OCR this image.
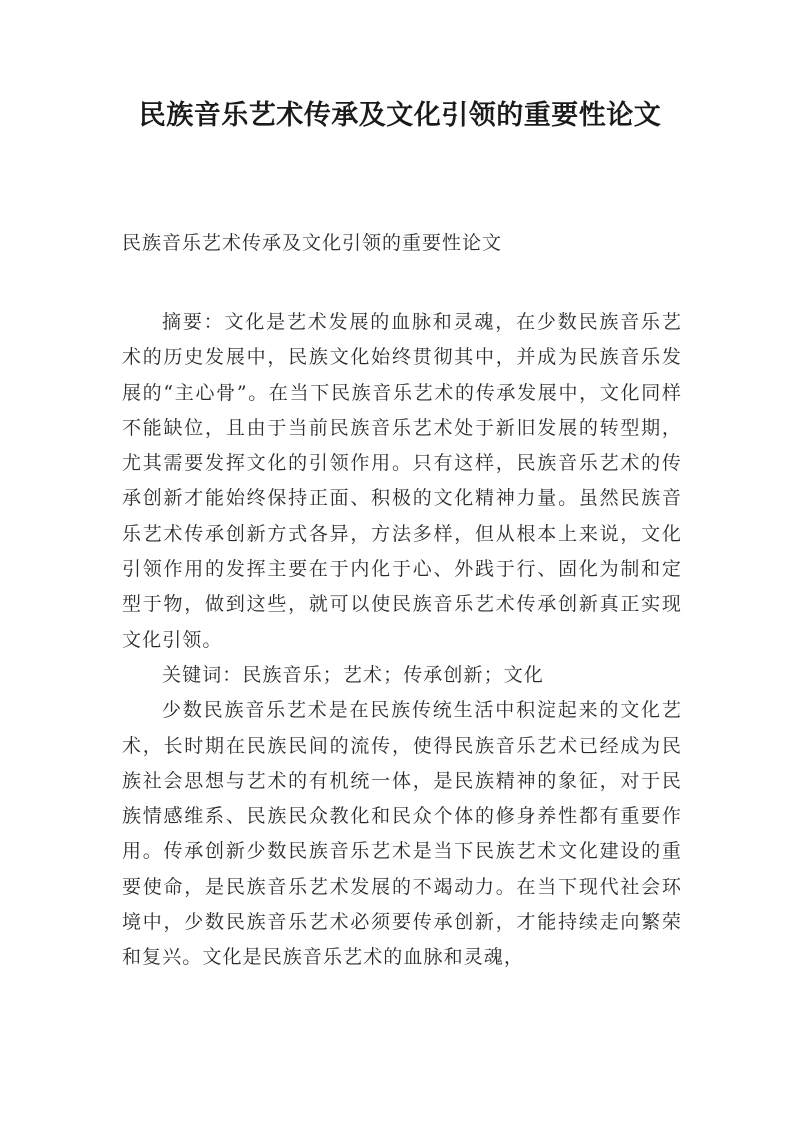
民族音乐艺术传承及文化引领的重要性论文

民族音乐艺术传承及文化引领的重要性论文

摘要：文化是艺术发展的血脉和灵魂，在少数民族音乐艺术的历史发展中，民族文化始终贯彻其中，并成为民族音乐发展的“主心骨”。在当下民族音乐艺术的传承发展中，文化同样不能缺位，且由于当前民族音乐艺术处于新旧发展的转型期，尤其需要发挥文化的引领作用。只有这样，民族音乐艺术的传承创新才能始终保持正面、积极的文化精神力量。虽然民族音乐艺术传承创新方式各异，方法多样，但从根本上来说，文化引领作用的发挥主要在于内化于心、外践于行、固化为制和定型于物，做到这些，就可以使民族音乐艺术传承创新真正实现文化引领。

关键词：民族音乐；艺术；传承创新；文化

少数民族音乐艺术是在民族传统生活中积淀起来的文化艺术，长时期在民族民间的流传，使得民族音乐艺术已经成为民族社会思想与艺术的有机统一体，是民族精神的象征，对于民族情感维系、民族民众教化和民众个体的修身养性都有重要作用。传承创新少数民族音乐艺术是当下民族艺术文化建设的重要使命，是民族音乐艺术发展的不竭动力。在当下现代社会环境中，少数民族音乐艺术必须要传承创新，才能持续走向繁荣和复兴。文化是民族音乐艺术的血脉和灵魂，
